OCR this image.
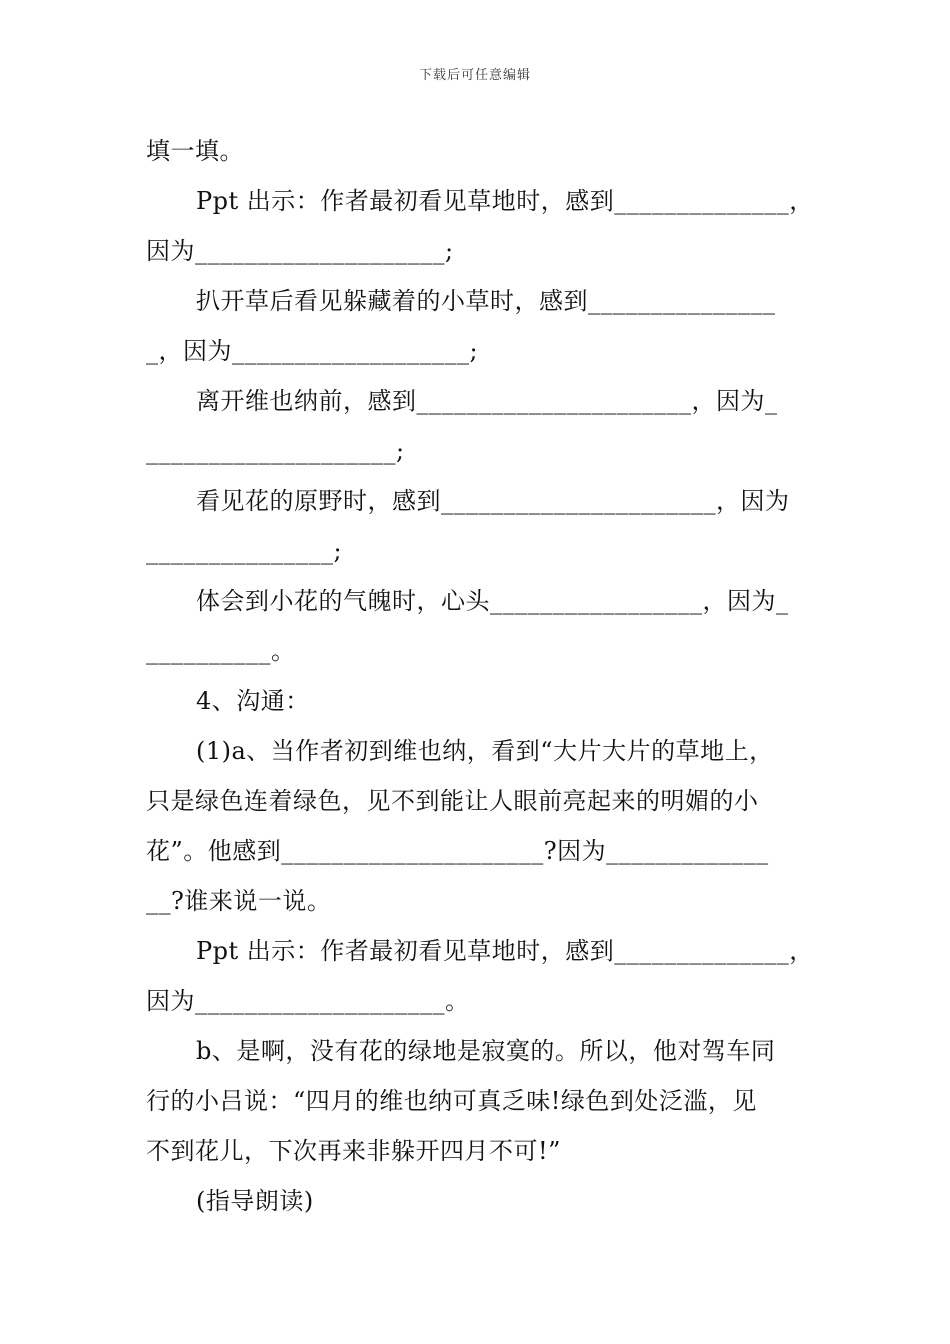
下载后可任意编辑
填一填。
Ppt 出示：作者最初看见草地时，感到______________，
因为____________________;
扒开草后看见躲藏着的小草时，感到_______________
_，因为___________________;
离开维也纳前，感到______________________，因为_
____________________;
看见花的原野时，感到______________________，因为
_______________;
体会到小花的气魄时，心头_________________，因为_
__________。
4、沟通：
(1)a、当作者初到维也纳，看到“大片大片的草地上，
只是绿色连着绿色，见不到能让人眼前亮起来的明媚的小
花”。他感到_____________________?因为_____________
__?谁来说一说。
Ppt 出示：作者最初看见草地时，感到______________，
因为____________________。
b、是啊，没有花的绿地是寂寞的。所以，他对驾车同
行的小吕说：“四月的维也纳可真乏味!绿色到处泛滥，见
不到花儿，下次再来非躲开四月不可!”
(指导朗读)
